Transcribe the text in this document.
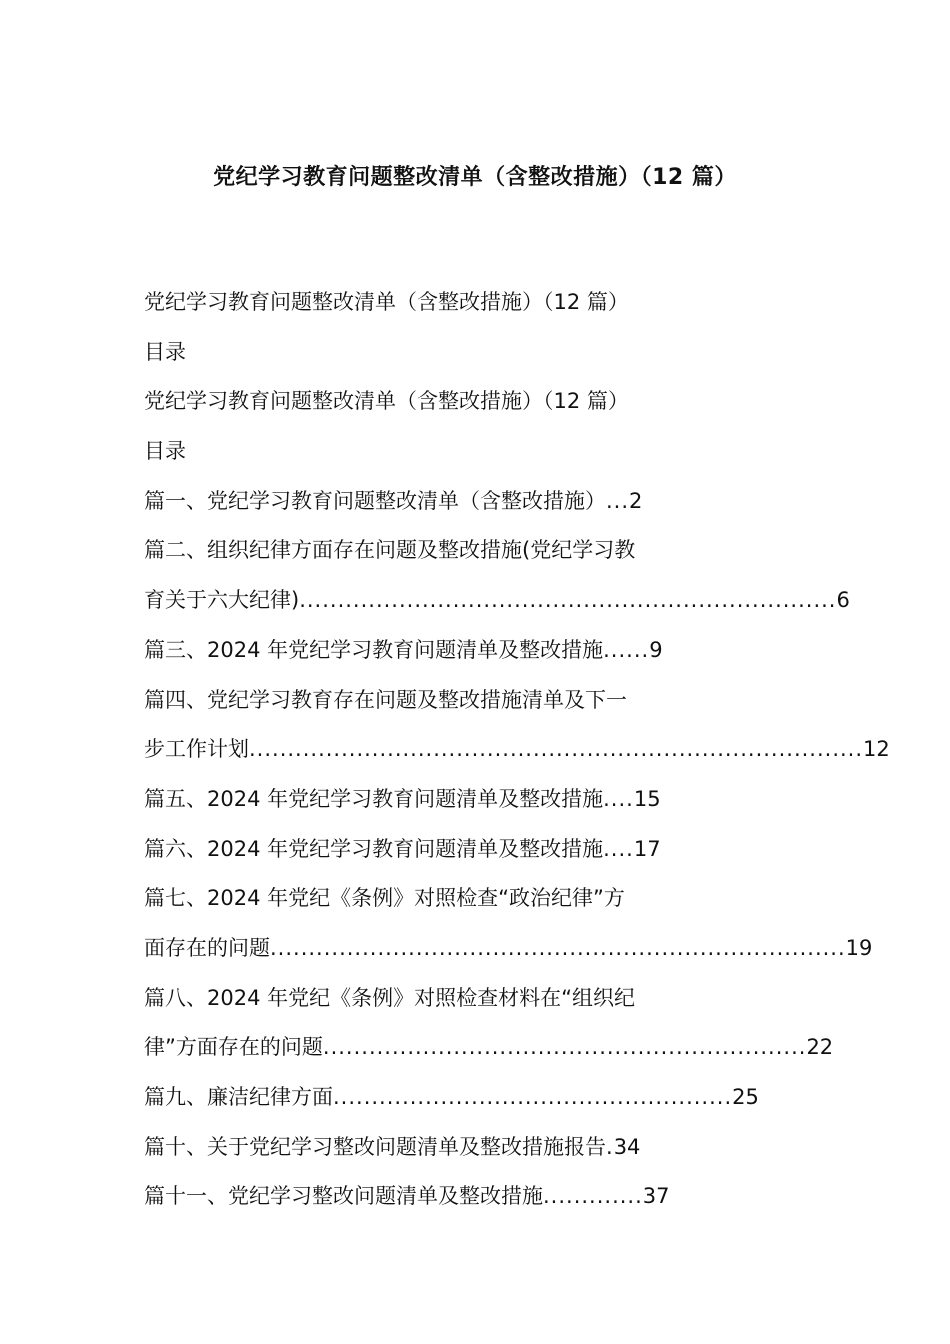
党纪学习教育问题整改清单（含整改措施）（12 篇）
党纪学习教育问题整改清单（含整改措施）（12 篇）
目录
党纪学习教育问题整改清单（含整改措施）（12 篇）
目录
篇一、党纪学习教育问题整改清单（含整改措施） ... 2
篇二、组织纪律方面存在问题及整改措施(党纪学习教
育关于六大纪律) ...................................................................... 6
篇三、2024 年党纪学习教育问题清单及整改措施 ...... 9
篇四、党纪学习教育存在问题及整改措施清单及下一
步工作计划 ................................................................................ 12
篇五、2024 年党纪学习教育问题清单及整改措施 .... 15
篇六、2024 年党纪学习教育问题清单及整改措施 .... 17
篇七、2024 年党纪《条例》对照检查“政治纪律”方
面存在的问题 ........................................................................... 19
篇八、2024 年党纪《条例》对照检查材料在“组织纪
律”方面存在的问题 ............................................................... 22
篇九、廉洁纪律方面 .................................................... 25
篇十、关于党纪学习整改问题清单及整改措施报告 . 34
篇十一、党纪学习整改问题清单及整改措施 ............. 37
